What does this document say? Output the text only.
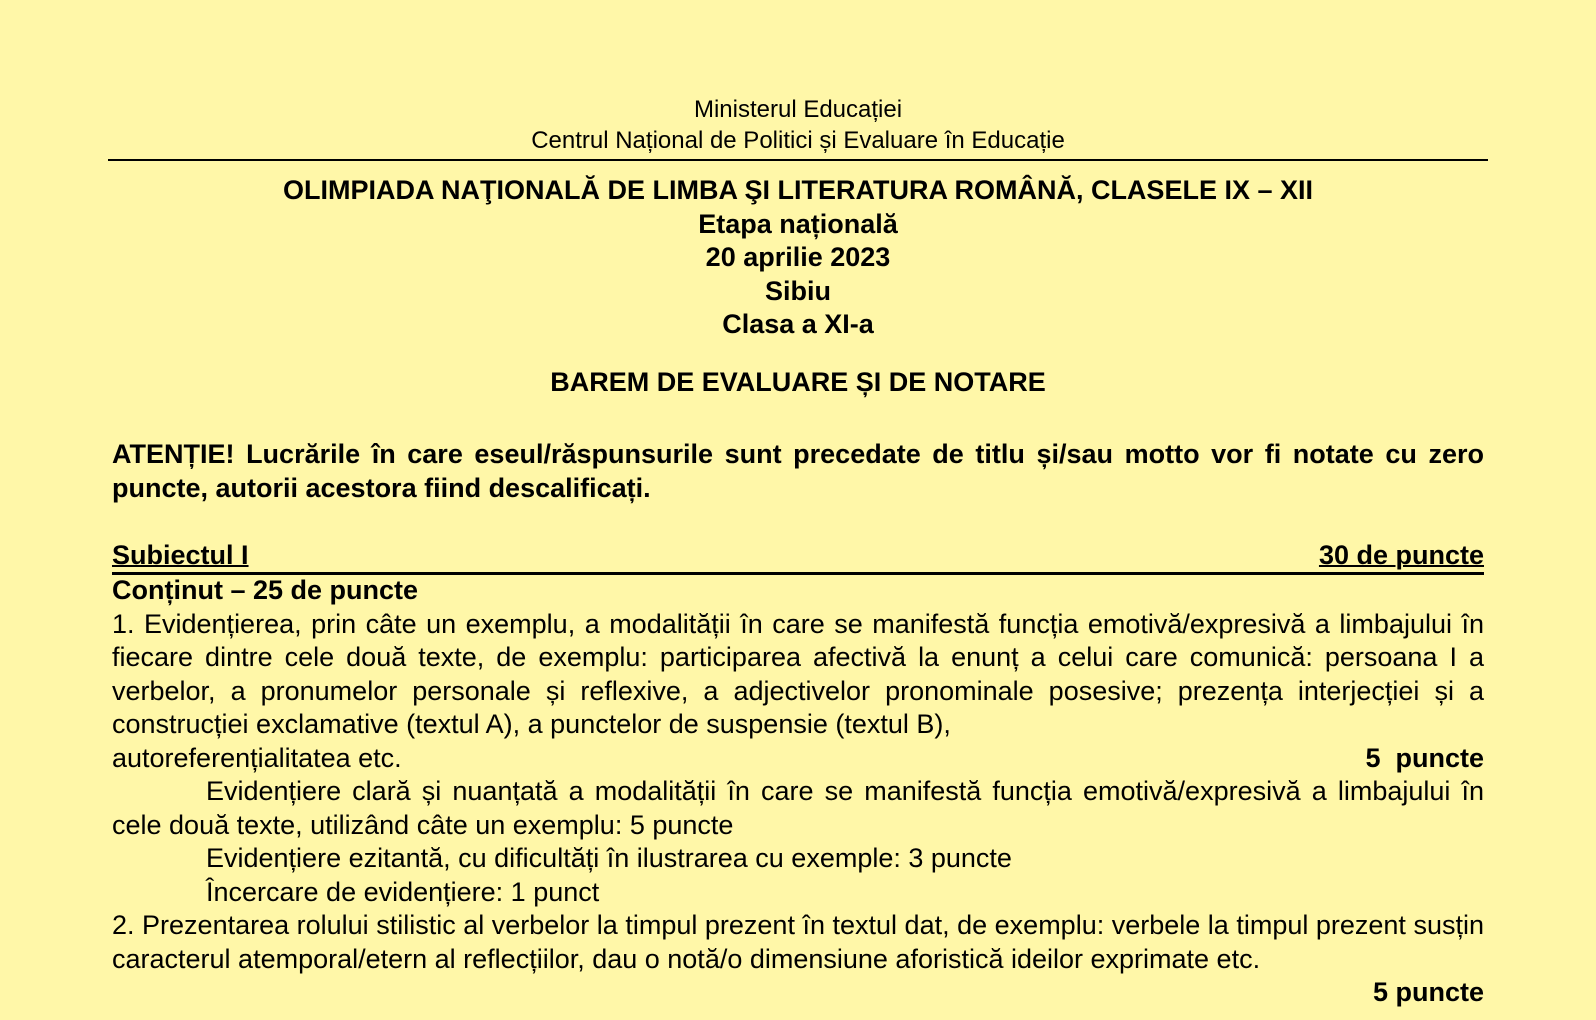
Ministerul Educației
Centrul Național de Politici și Evaluare în Educație
OLIMPIADA NAŢIONALĂ DE LIMBA ŞI LITERATURA ROMÂNĂ, CLASELE IX – XII
Etapa națională
20 aprilie 2023
Sibiu
Clasa a XI-a
BAREM DE EVALUARE ȘI DE NOTARE
ATENȚIE! Lucrările în care eseul/răspunsurile sunt precedate de titlu și/sau motto vor fi notate cu zero puncte, autorii acestora fiind descalificați.
Subiectul I	30 de puncte
Conținut – 25 de puncte
1. Evidențierea, prin câte un exemplu, a modalității în care se manifestă funcția emotivă/expresivă a limbajului în fiecare dintre cele două texte, de exemplu: participarea afectivă la enunț a celui care comunică: persoana I a verbelor, a pronumelor personale și reflexive, a adjectivelor pronominale posesive; prezența interjecției și a construcției exclamative (textul A), a punctelor de suspensie (textul B),
autoreferențialitatea etc.	5  puncte
Evidențiere clară și nuanțată a modalității în care se manifestă funcția emotivă/expresivă a limbajului în cele două texte, utilizând câte un exemplu: 5 puncte
Evidențiere ezitantă, cu dificultăți în ilustrarea cu exemple: 3 puncte
Încercare de evidențiere: 1 punct
2. Prezentarea rolului stilistic al verbelor la timpul prezent în textul dat, de exemplu: verbele la timpul prezent susțin caracterul atemporal/etern al reflecțiilor, dau o notă/o dimensiune aforistică ideilor exprimate etc.
5 puncte
